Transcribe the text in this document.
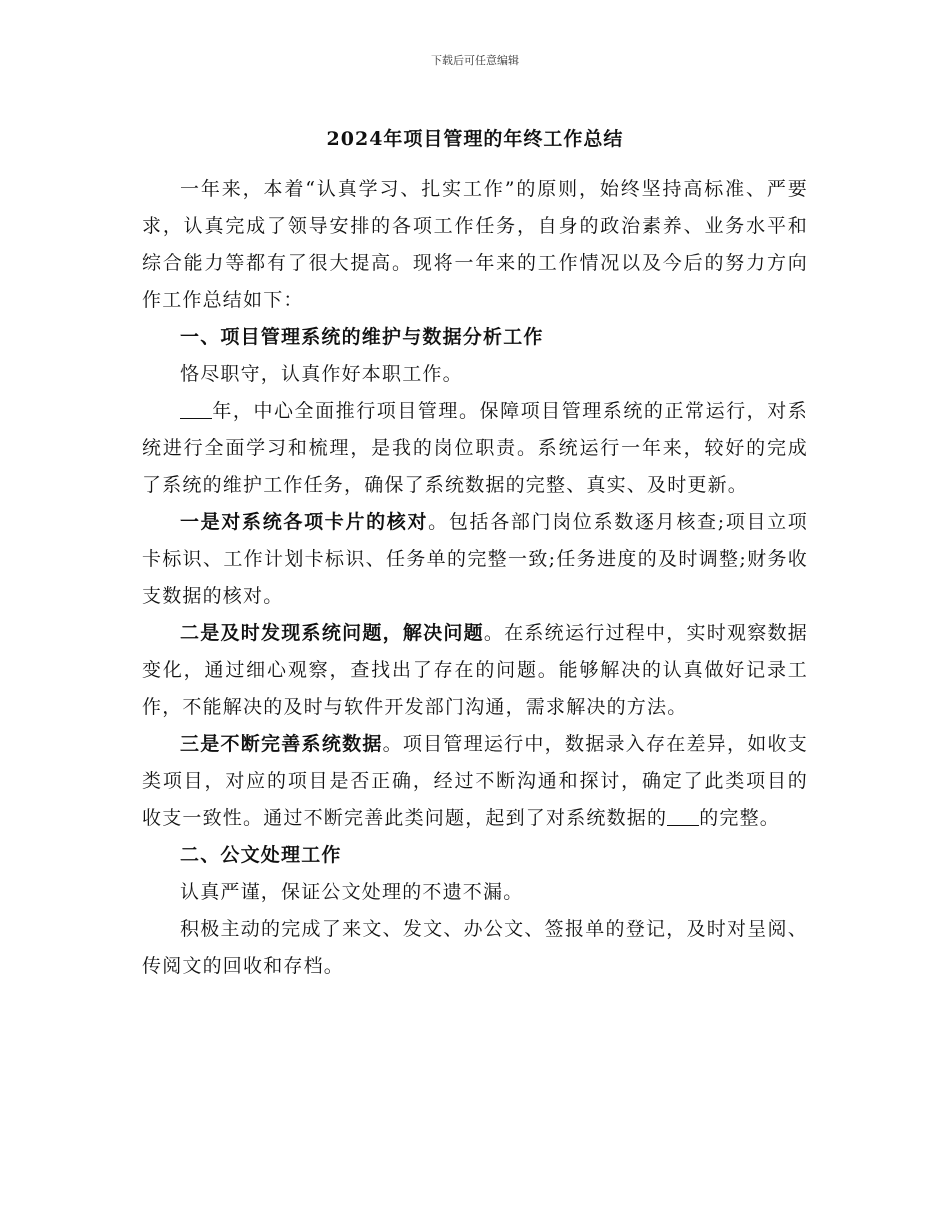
下载后可任意编辑
2024年项目管理的年终工作总结

一年来，本着“认真学习、扎实工作”的原则，始终坚持高标准、严要求，认真完成了领导安排的各项工作任务，自身的政治素养、业务水平和综合能力等都有了很大提高。现将一年来的工作情况以及今后的努力方向作工作总结如下：

一、项目管理系统的维护与数据分析工作

恪尽职守，认真作好本职工作。

年，中心全面推行项目管理。保障项目管理系统的正常运行，对系统进行全面学习和梳理，是我的岗位职责。系统运行一年来，较好的完成了系统的维护工作任务，确保了系统数据的完整、真实、及时更新。

一是对系统各项卡片的核对。包括各部门岗位系数逐月核查;项目立项卡标识、工作计划卡标识、任务单的完整一致;任务进度的及时调整;财务收支数据的核对。

二是及时发现系统问题，解决问题。在系统运行过程中，实时观察数据变化，通过细心观察，查找出了存在的问题。能够解决的认真做好记录工作，不能解决的及时与软件开发部门沟通，需求解决的方法。

三是不断完善系统数据。项目管理运行中，数据录入存在差异，如收支类项目，对应的项目是否正确，经过不断沟通和探讨，确定了此类项目的收支一致性。通过不断完善此类问题，起到了对系统数据的 的完整。

二、公文处理工作

认真严谨，保证公文处理的不遗不漏。

积极主动的完成了来文、发文、办公文、签报单的登记，及时对呈阅、传阅文的回收和存档。
